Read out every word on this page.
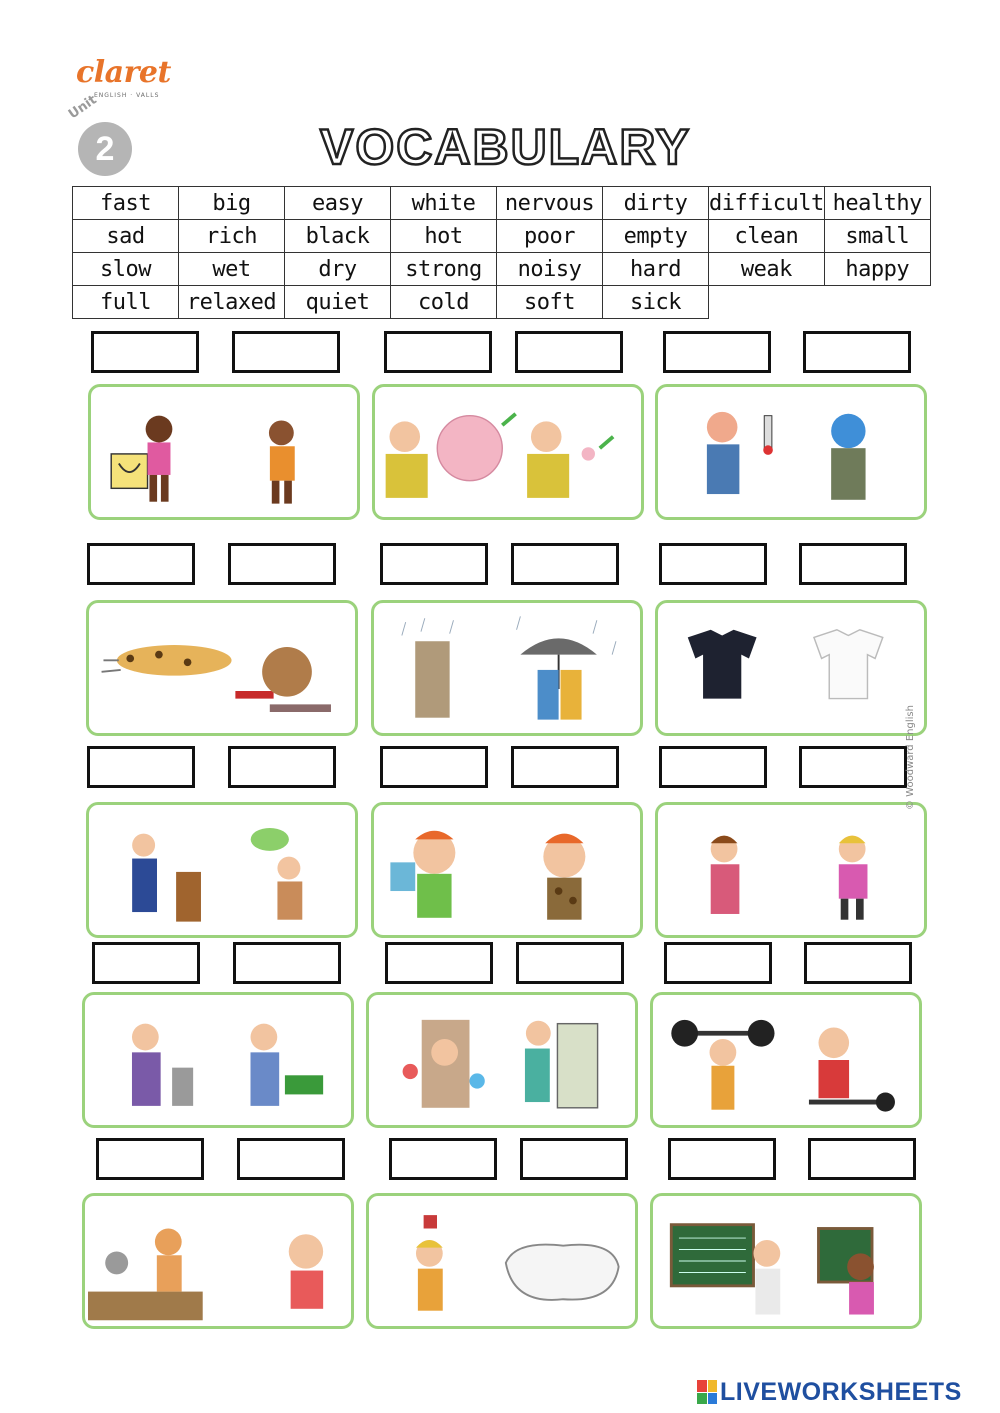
claret
ENGLISH · VALLS
Unit
2	VOCABULARY
fast	big	easy	white	nervous	dirty	difficult	healthy
sad	rich	black	hot	poor	empty	clean	small
slow	wet	dry	strong	noisy	hard	weak	happy
full	relaxed	quiet	cold	soft	sick		
© Woodward English
LIVEWORKSHEETS
